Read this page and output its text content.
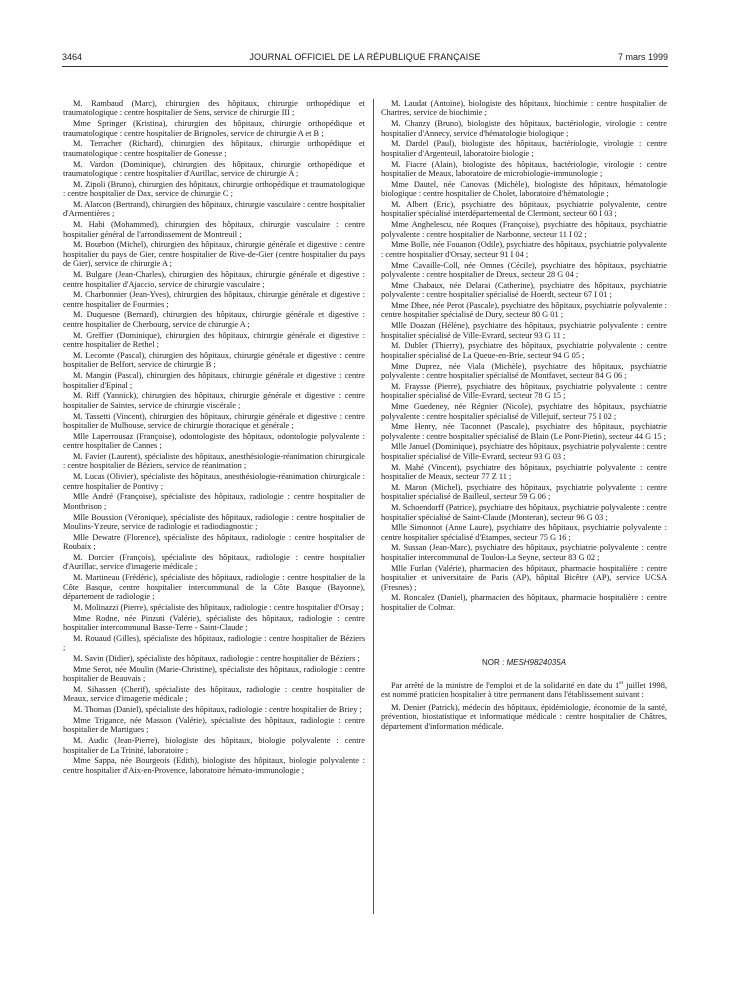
3464	JOURNAL OFFICIEL DE LA RÉPUBLIQUE FRANÇAISE	7 mars 1999

M. Rambaud (Marc), chirurgien des hôpitaux, chirurgie orthopédique et traumatologique : centre hospitalier de Sens, service de chirurgie III ;

Mme Springer (Kristina), chirurgien des hôpitaux, chirurgie orthopédique et traumatologique : centre hospitalier de Brignoles, service de chirurgie A et B ;

M. Terracher (Richard), chirurgien des hôpitaux, chirurgie orthopédique et traumatologique : centre hospitalier de Gonesse ;

M. Vardon (Dominique), chirurgien des hôpitaux, chirurgie orthopédique et traumatologique : centre hospitalier d'Aurillac, service de chirurgie A ;

M. Zipoli (Bruno), chirurgien des hôpitaux, chirurgie orthopédique et traumatologique : centre hospitalier de Dax, service de chirurgie C ;

M. Alarcon (Bertrand), chirurgien des hôpitaux, chirurgie vasculaire : centre hospitalier d'Armentières ;

M. Habi (Mohammed), chirurgien des hôpitaux, chirurgie vasculaire : centre hospitalier général de l'arrondissement de Montreuil ;

M. Bourbon (Michel), chirurgien des hôpitaux, chirurgie générale et digestive : centre hospitalier du pays de Gier, centre hospitalier de Rive-de-Gier (centre hospitalier du pays de Gier), service de chirurgie A ;

M. Bulgare (Jean-Charles), chirurgien des hôpitaux, chirurgie générale et digestive : centre hospitalier d'Ajaccio, service de chirurgie vasculaire ;

M. Charbonnier (Jean-Yves), chirurgien des hôpitaux, chirurgie générale et digestive : centre hospitalier de Fourmies ;

M. Duquesne (Bernard), chirurgien des hôpitaux, chirurgie générale et digestive : centre hospitalier de Cherbourg, service de chirurgie A ;

M. Greffier (Dominique), chirurgien des hôpitaux, chirurgie générale et digestive : centre hospitalier de Rethel ;

M. Lecomte (Pascal), chirurgien des hôpitaux, chirurgie générale et digestive : centre hospitalier de Belfort, service de chirurgie B ;

M. Mangin (Pascal), chirurgien des hôpitaux, chirurgie générale et digestive : centre hospitalier d'Epinal ;

M. Riff (Yannick), chirurgien des hôpitaux, chirurgie générale et digestive : centre hospitalier de Saintes, service de chirurgie viscérale ;

M. Tassetti (Vincent), chirurgien des hôpitaux, chirurgie générale et digestive : centre hospitalier de Mulhouse, service de chirurgie thoracique et générale ;

Mlle Laperrousaz (Françoise), odontologiste des hôpitaux, odontologie polyvalente : centre hospitalier de Cannes ;

M. Favier (Laurent), spécialiste des hôpitaux, anesthésiologie-réanimation chirurgicale : centre hospitalier de Béziers, service de réanimation ;

M. Lucas (Olivier), spécialiste des hôpitaux, anesthésiologie-réanimation chirurgicale : centre hospitalier de Pontivy ;

Mlle André (Françoise), spécialiste des hôpitaux, radiologie : centre hospitalier de Montbrison ;

Mlle Boussion (Véronique), spécialiste des hôpitaux, radiologie : centre hospitalier de Moulins-Yzeure, service de radiologie et radiodiagnostic ;

Mlle Dewatre (Florence), spécialiste des hôpitaux, radiologie : centre hospitalier de Roubaix ;

M. Dorcier (François), spécialiste des hôpitaux, radiologie : centre hospitalier d'Aurillac, service d'imagerie médicale ;

M. Martineau (Frédéric), spécialiste des hôpitaux, radiologie : centre hospitalier de la Côte Basque, centre hospitalier intercommunal de la Côte Basque (Bayonne), département de radiologie ;

M. Molinazzi (Pierre), spécialiste des hôpitaux, radiologie : centre hospitalier d'Orsay ;

Mme Rodne, née Pinzuti (Valérie), spécialiste des hôpitaux, radiologie : centre hospitalier intercommunal Basse-Terre - Saint-Claude ;

M. Rouaud (Gilles), spécialiste des hôpitaux, radiologie : centre hospitalier de Béziers ;

M. Savin (Didier), spécialiste des hôpitaux, radiologie : centre hospitalier de Béziers ;

Mme Serot, née Moulin (Marie-Christine), spécialiste des hôpitaux, radiologie : centre hospitalier de Beauvais ;

M. Sihassen (Cherif), spécialiste des hôpitaux, radiologie : centre hospitalier de Meaux, service d'imagerie médicale ;

M. Thomas (Daniel), spécialiste des hôpitaux, radiologie : centre hospitalier de Briey ;

Mme Trigance, née Masson (Valérie), spécialiste des hôpitaux, radiologie : centre hospitalier de Martigues ;

M. Audic (Jean-Pierre), biologiste des hôpitaux, biologie polyvalente : centre hospitalier de La Trinité, laboratoire ;

Mme Sappa, née Bourgeois (Edith), biologiste des hôpitaux, biologie polyvalente : centre hospitalier d'Aix-en-Provence, laboratoire hémato-immunologie ;

M. Laudat (Antoine), biologiste des hôpitaux, biochimie : centre hospitalier de Chartres, service de biochimie ;

M. Chanzy (Bruno), biologiste des hôpitaux, bactériologie, virologie : centre hospitalier d'Annecy, service d'hématologie biologique ;

M. Dardel (Paul), biologiste des hôpitaux, bactériologie, virologie : centre hospitalier d'Argenteuil, laboratoire biologie ;

M. Fiacre (Alain), biologiste des hôpitaux, bactériologie, virologie : centre hospitalier de Meaux, laboratoire de microbiologie-immunologie ;

Mme Dautel, née Canovas (Michèle), biologiste des hôpitaux, hématologie biologique : centre hospitalier de Cholet, laboratoire d'hématologie ;

M. Albert (Eric), psychiatre des hôpitaux, psychiatrie polyvalente, centre hospitalier spécialisé interdépartemental de Clermont, secteur 60 I 03 ;

Mme Anghelescu, née Roques (Françoise), psychiatre des hôpitaux, psychiatrie polyvalente : centre hospitalier de Narbonne, secteur 11 I 02 ;

Mme Bolle, née Fouanon (Odile), psychiatre des hôpitaux, psychiatrie polyvalente : centre hospitalier d'Orsay, secteur 91 I 04 ;

Mme Cavaille-Coll, née Omnes (Cécile), psychiatre des hôpitaux, psychiatrie polyvalente : centre hospitalier de Dreux, secteur 28 G 04 ;

Mme Chabaux, née Delarai (Catherine), psychiatre des hôpitaux, psychiatrie polyvalente : centre hospitalier spécialisé de Hoerdt, secteur 67 I 01 ;

Mme Dhee, née Perot (Pascale), psychiatre des hôpitaux, psychiatrie polyvalente : centre hospitalier spécialisé de Dury, secteur 80 G 01 ;

Mlle Doazan (Hélène), psychiatre des hôpitaux, psychiatrie polyvalente : centre hospitalier spécialisé de Ville-Evrard, secteur 93 G 11 ;

M. Dubler (Thierry), psychiatre des hôpitaux, psychiatrie polyvalente : centre hospitalier spécialisé de La Queue-en-Brie, secteur 94 G 05 ;

Mme Duprez, née Viala (Michèle), psychiatre des hôpitaux, psychiatrie polyvalente : centre hospitalier spécialisé de Montfavet, secteur 84 G 06 ;

M. Fraysse (Pierre), psychiatre des hôpitaux, psychiatrie polyvalente : centre hospitalier spécialisé de Ville-Evrard, secteur 78 G 15 ;

Mme Guedeney, née Régnier (Nicole), psychiatre des hôpitaux, psychiatrie polyvalente : centre hospitalier spécialisé de Villejuif, secteur 75 I 02 ;

Mme Henry, née Taconnet (Pascale), psychiatre des hôpitaux, psychiatrie polyvalente : centre hospitalier spécialisé de Blain (Le Pont-Pietin), secteur 44 G 15 ;

Mlle Januel (Dominique), psychiatre des hôpitaux, psychiatrie polyvalente : centre hospitalier spécialisé de Ville-Evrard, secteur 93 G 03 ;

M. Mahé (Vincent), psychiatre des hôpitaux, psychiatrie polyvalente : centre hospitalier de Meaux, secteur 77 Z 11 ;

M. Maron (Michel), psychiatre des hôpitaux, psychiatrie polyvalente : centre hospitalier spécialisé de Bailleul, secteur 59 G 06 ;

M. Schoendorff (Patrice), psychiatre des hôpitaux, psychiatrie polyvalente : centre hospitalier spécialisé de Saint-Claude (Monteran), secteur 96 G 03 ;

Mlle Simonnot (Anne Laure), psychiatre des hôpitaux, psychiatrie polyvalente : centre hospitalier spécialisé d'Etampes, secteur 75 G 16 ;

M. Sussan (Jean-Marc), psychiatre des hôpitaux, psychiatrie polyvalente : centre hospitalier intercommunal de Toulon-La Seyne, secteur 83 G 02 ;

Mlle Furlan (Valérie), pharmacien des hôpitaux, pharmacie hospitalière : centre hospitalier et universitaire de Paris (AP), hôpital Bicêtre (AP), service UCSA (Fresnes) ;

M. Roncalez (Daniel), pharmacien des hôpitaux, pharmacie hospitalière : centre hospitalier de Colmar.

NOR : MESH9824035A

Par arrêté de la ministre de l'emploi et de la solidarité en date du 1er juillet 1998, est nommé praticien hospitalier à titre permanent dans l'établissement suivant :

M. Denier (Patrick), médecin des hôpitaux, épidémiologie, économie de la santé, prévention, biostatistique et informatique médicale : centre hospitalier de Châtres, département d'information médicale.
